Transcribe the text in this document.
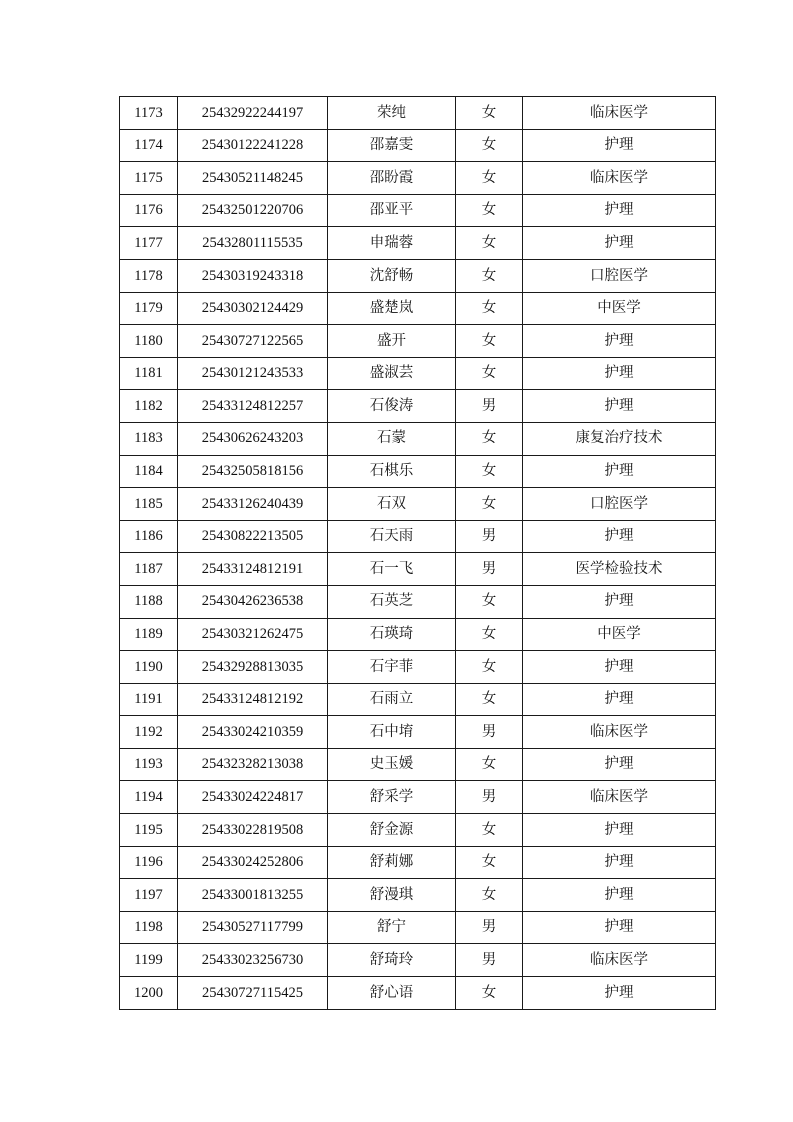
1173	25432922244197	荣纯	女	临床医学
1174	25430122241228	邵嘉雯	女	护理
1175	25430521148245	邵盼霞	女	临床医学
1176	25432501220706	邵亚平	女	护理
1177	25432801115535	申瑞蓉	女	护理
1178	25430319243318	沈舒畅	女	口腔医学
1179	25430302124429	盛楚岚	女	中医学
1180	25430727122565	盛开	女	护理
1181	25430121243533	盛淑芸	女	护理
1182	25433124812257	石俊涛	男	护理
1183	25430626243203	石蒙	女	康复治疗技术
1184	25432505818156	石棋乐	女	护理
1185	25433126240439	石双	女	口腔医学
1186	25430822213505	石天雨	男	护理
1187	25433124812191	石一飞	男	医学检验技术
1188	25430426236538	石英芝	女	护理
1189	25430321262475	石瑛琦	女	中医学
1190	25432928813035	石宇菲	女	护理
1191	25433124812192	石雨立	女	护理
1192	25433024210359	石中堉	男	临床医学
1193	25432328213038	史玉媛	女	护理
1194	25433024224817	舒采学	男	临床医学
1195	25433022819508	舒金源	女	护理
1196	25433024252806	舒莉娜	女	护理
1197	25433001813255	舒漫琪	女	护理
1198	25430527117799	舒宁	男	护理
1199	25433023256730	舒琦玲	男	临床医学
1200	25430727115425	舒心语	女	护理
